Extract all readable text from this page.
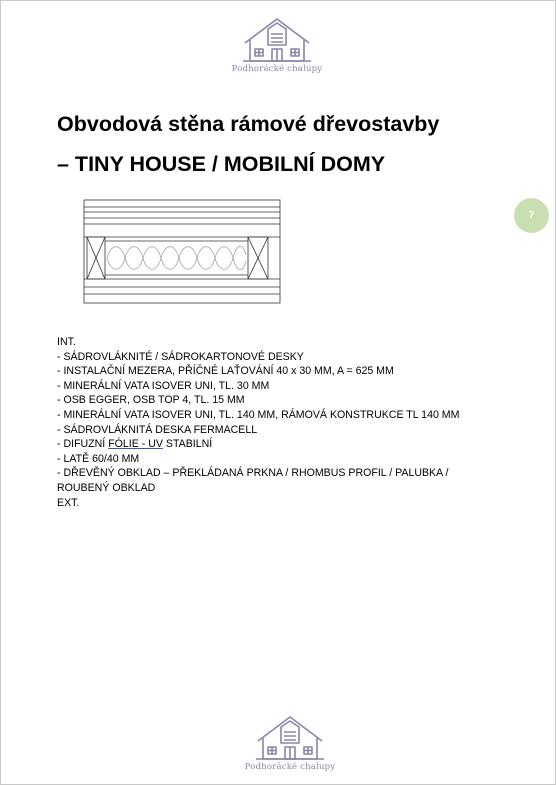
Podhorácké chalupy
Obvodová stěna rámové dřevostavby
– TINY HOUSE / MOBILNÍ DOMY
7
INT.
- SÁDROVLÁKNITÉ / SÁDROKARTONOVÉ DESKY
- INSTALAČNÍ MEZERA, PŘÍČNÉ LAŤOVÁNÍ 40 x 30 MM, A = 625 MM
- MINERÁLNÍ VATA ISOVER UNI, TL. 30 MM
- OSB EGGER, OSB TOP 4, TL. 15 MM
- MINERÁLNÍ VATA ISOVER UNI, TL. 140 MM, RÁMOVÁ KONSTRUKCE TL 140 MM
- SÁDROVLÁKNITÁ DESKA FERMACELL
- DIFUZNÍ FÓLIE - UV STABILNÍ
- LATĚ 60/40 MM
- DŘEVĚNÝ OBKLAD – PŘEKLÁDANÁ PRKNA / RHOMBUS PROFIL / PALUBKA /
ROUBENÝ OBKLAD
EXT.
Podhorácké chalupy
